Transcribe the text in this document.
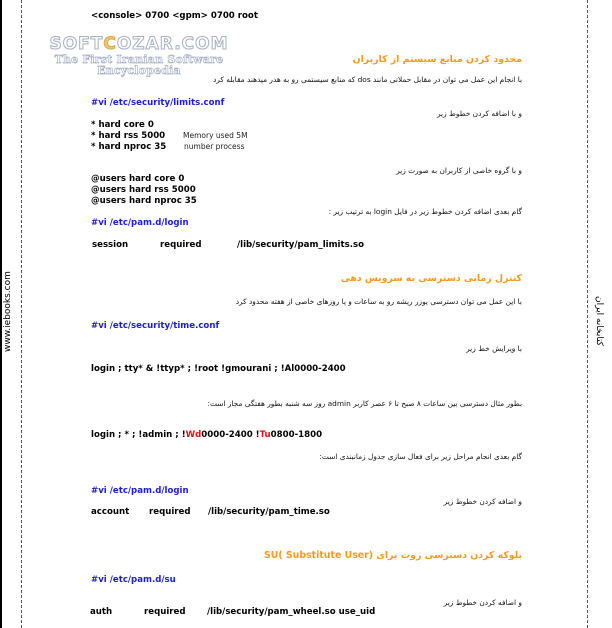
www.iebooks.com	کتابخانه ایران
SOFTCOZAR.COM
The First Iranian Software Encyclopedia
<console> 0700 <gpm> 0700 root
محدود کردن منابع سیستم از کاربران
با انجام این عمل می توان در مقابل حملاتی مانند dos که منابع سیستمی رو به هدر میدهند مقابله کرد
#vi /etc/security/limits.conf
و با اضافه کردن خطوط زیر
* hard core 0
* hard rss 5000 Memory used 5M
* hard nproc 35 number process
و با گروه خاصی از کاربران به صورت زیر
@users hard core 0
@users hard rss 5000
@users hard nproc 35
گام بعدی اضافه کردن خطوط زیر در فایل login به ترتیب زیر :
#vi /etc/pam.d/login
session	required	/lib/security/pam_limits.so
کنترل زمانی دسترسی به سرویس دهی
با این عمل می توان دسترسی یوزر ریشه رو به ساعات و یا روزهای خاصی از هفته محدود کرد
#vi /etc/security/time.conf
با ویرایش خط زیر
login ; tty* & !ttyp* ; !root !gmourani ; !Al0000-2400
بطور مثال دسترسی بین ساعات ۸ صبح تا ۶ عصر کاربر admin روز سه شنبه بطور هفتگی مجاز است:
login ; * ; !admin ; !Wd0000-2400 !Tu0800-1800
گام بعدی انجام مراحل زیر برای فعال سازی جدول زمانبندی است:
#vi /etc/pam.d/login
و اضافه کردن خطوط زیر
account required /lib/security/pam_time.so
بلوکه کردن دسترسی روت برای (
SU( Substitute User
#vi /etc/pam.d/su
و اضافه کردن خطوط زیر
auth	required /lib/security/pam_wheel.so use_uid
